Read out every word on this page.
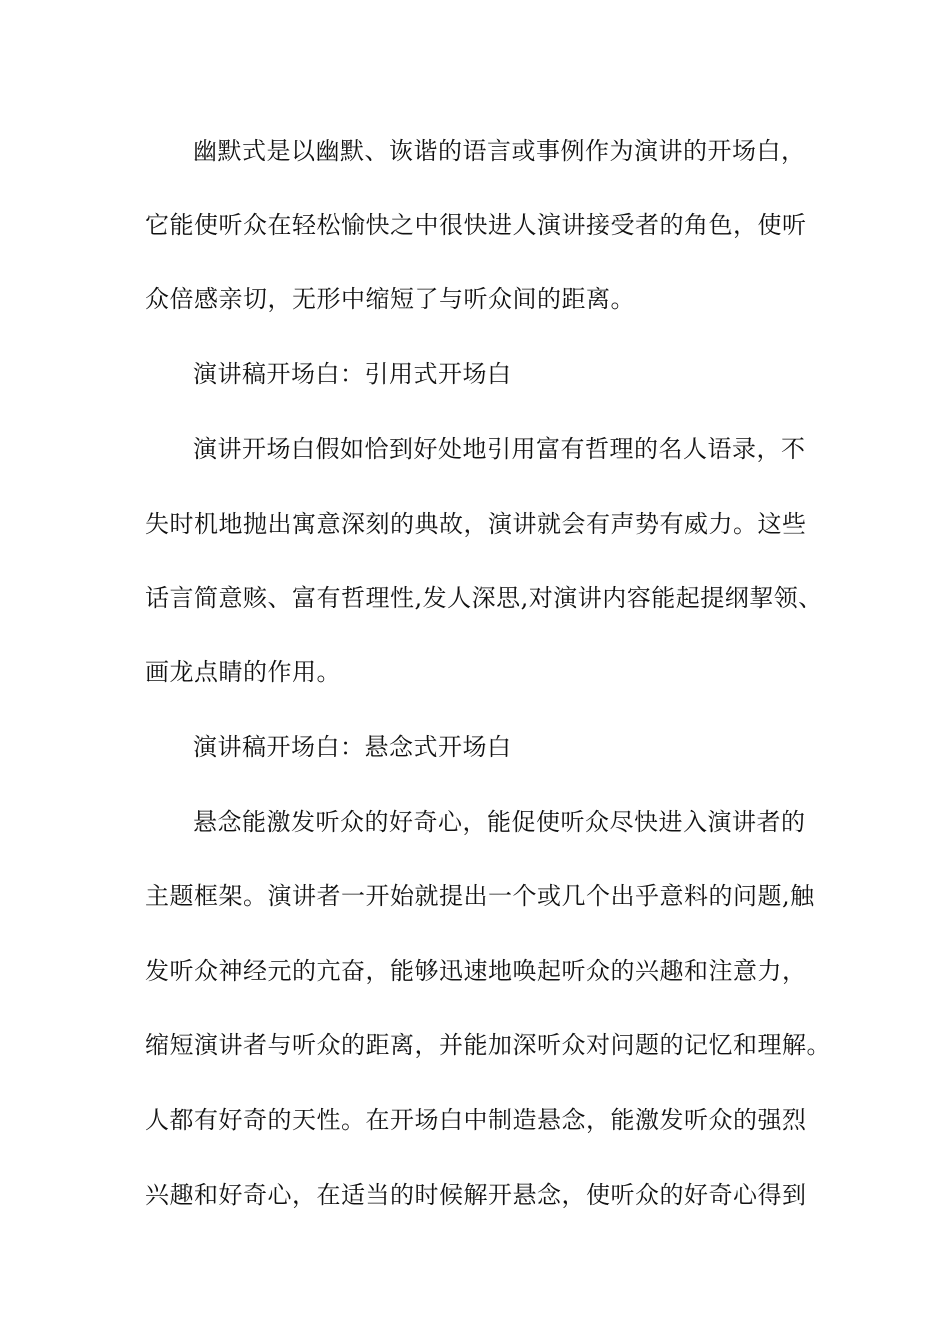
幽默式是以幽默、诙谐的语言或事例作为演讲的开场白，
它能使听众在轻松愉快之中很快进人演讲接受者的角色，使听
众倍感亲切，无形中缩短了与听众间的距离。
演讲稿开场白：引用式开场白
演讲开场白假如恰到好处地引用富有哲理的名人语录，不
失时机地抛出寓意深刻的典故，演讲就会有声势有威力。这些
话言简意赅、富有哲理性,发人深思,对演讲内容能起提纲挈领、
画龙点睛的作用。
演讲稿开场白：悬念式开场白
悬念能激发听众的好奇心，能促使听众尽快进入演讲者的
主题框架。演讲者一开始就提出一个或几个出乎意料的问题,触
发听众神经元的亢奋，能够迅速地唤起听众的兴趣和注意力，
缩短演讲者与听众的距离，并能加深听众对问题的记忆和理解。
人都有好奇的天性。在开场白中制造悬念，能激发听众的强烈
兴趣和好奇心，在适当的时候解开悬念，使听众的好奇心得到
